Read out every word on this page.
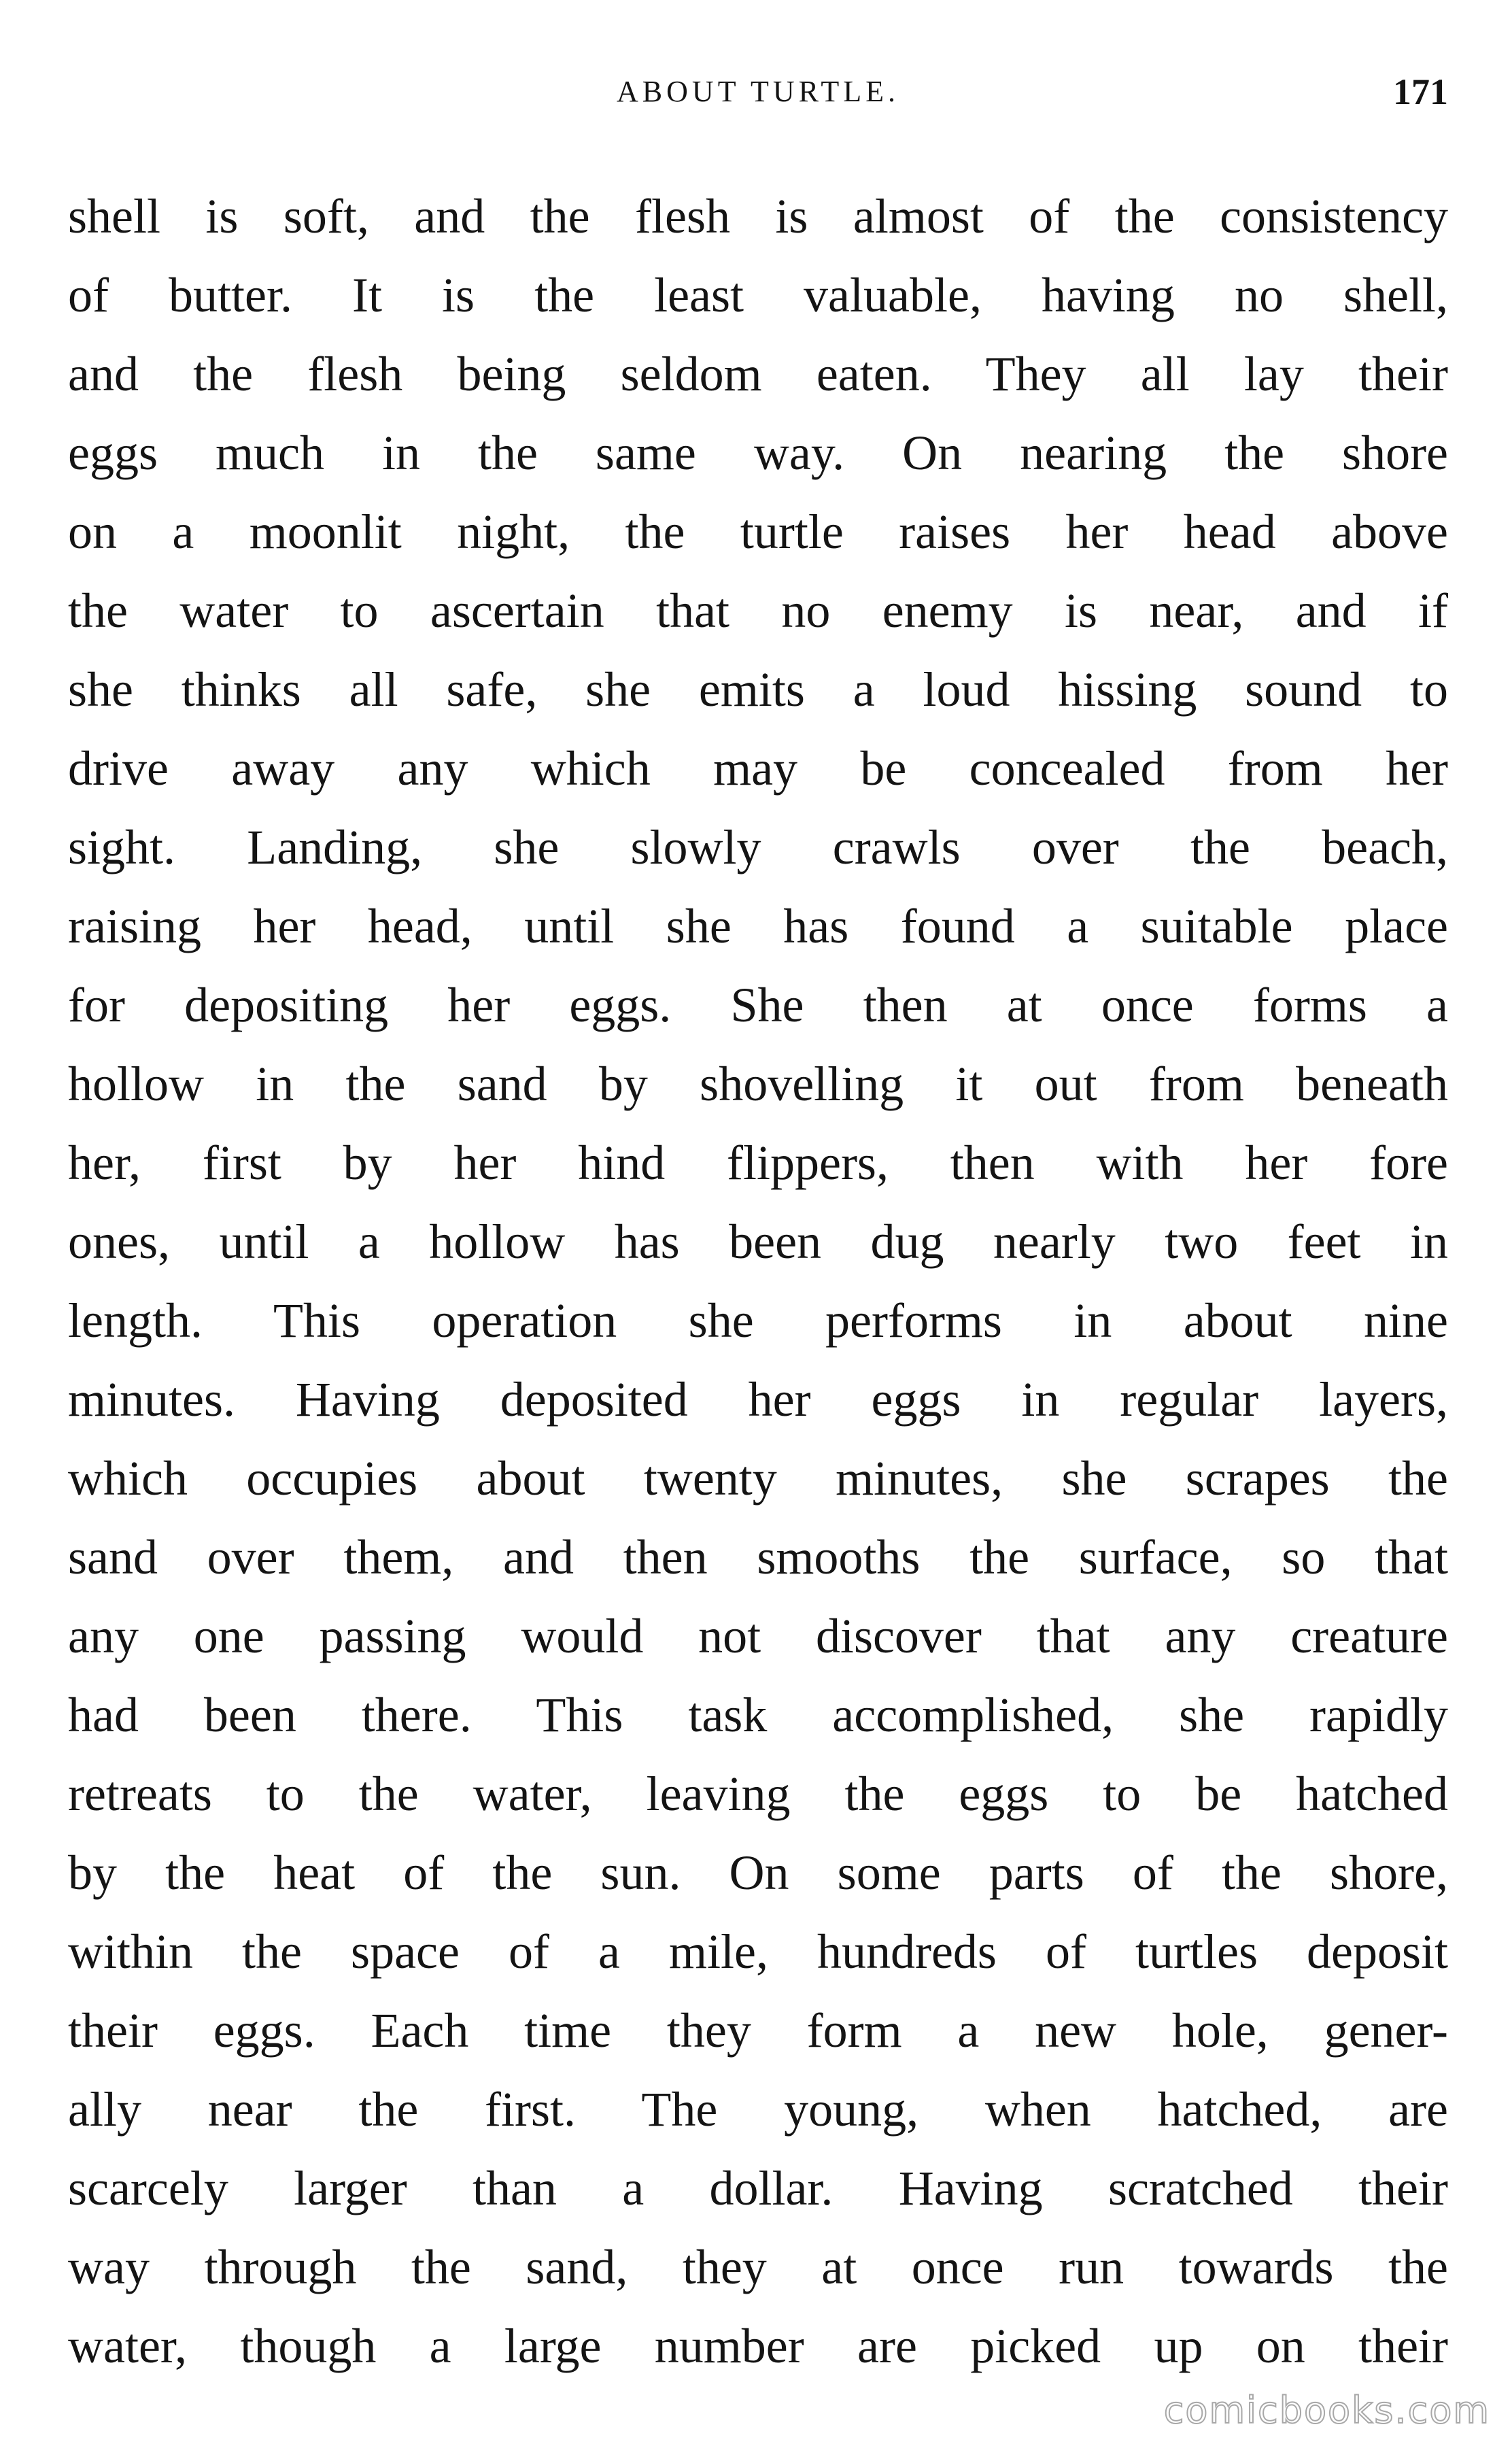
ABOUT TURTLE.	171
shell is soft, and the flesh is almost of the consistency
of butter. It is the least valuable, having no shell,
and the flesh being seldom eaten. They all lay their
eggs much in the same way. On nearing the shore
on a moonlit night, the turtle raises her head above
the water to ascertain that no enemy is near, and if
she thinks all safe, she emits a loud hissing sound to
drive away any which may be concealed from her
sight. Landing, she slowly crawls over the beach,
raising her head, until she has found a suitable place
for depositing her eggs. She then at once forms a
hollow in the sand by shovelling it out from beneath
her, first by her hind flippers, then with her fore
ones, until a hollow has been dug nearly two feet in
length. This operation she performs in about nine
minutes. Having deposited her eggs in regular layers,
which occupies about twenty minutes, she scrapes the
sand over them, and then smooths the surface, so that
any one passing would not discover that any creature
had been there. This task accomplished, she rapidly
retreats to the water, leaving the eggs to be hatched
by the heat of the sun. On some parts of the shore,
within the space of a mile, hundreds of turtles deposit
their eggs. Each time they form a new hole, gener-
ally near the first. The young, when hatched, are
scarcely larger than a dollar. Having scratched their
way through the sand, they at once run towards the
water, though a large number are picked up on their
comicbooks.com
